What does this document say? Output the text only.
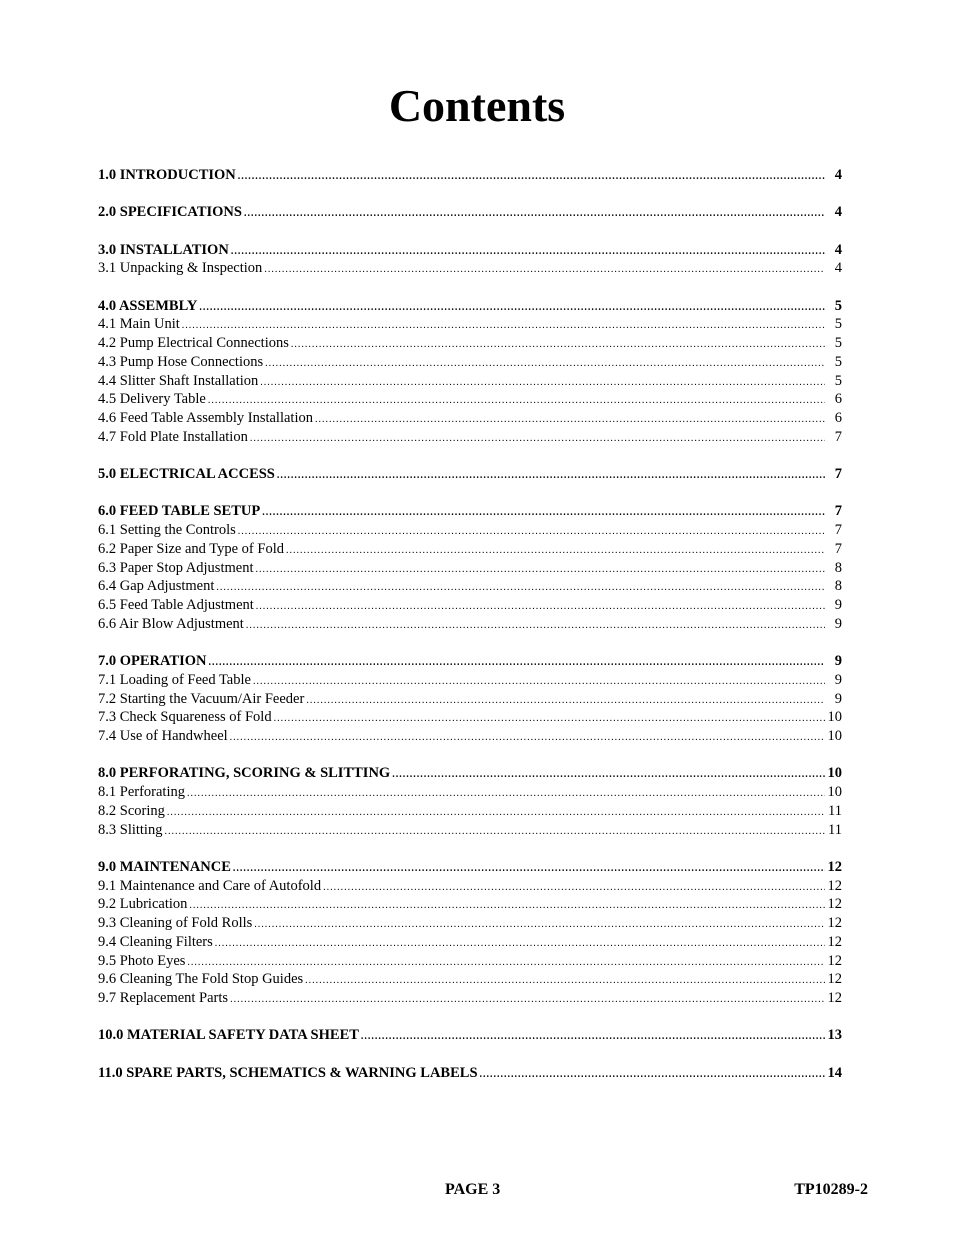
Contents
1.0 INTRODUCTION .....	4
2.0 SPECIFICATIONS .....	4
3.0 INSTALLATION .....	4
3.1 Unpacking & Inspection .....	4
4.0 ASSEMBLY .....	5
4.1 Main Unit .....	5
4.2 Pump Electrical Connections .....	5
4.3 Pump Hose Connections .....	5
4.4 Slitter Shaft Installation .....	5
4.5 Delivery Table .....	6
4.6 Feed Table Assembly Installation .....	6
4.7 Fold Plate Installation .....	7
5.0 ELECTRICAL ACCESS .....	7
6.0 FEED TABLE SETUP .....	7
6.1 Setting the Controls .....	7
6.2 Paper Size and Type of Fold .....	7
6.3 Paper Stop Adjustment .....	8
6.4 Gap Adjustment .....	8
6.5 Feed Table Adjustment .....	9
6.6 Air Blow Adjustment .....	9
7.0 OPERATION .....	9
7.1 Loading of Feed Table .....	9
7.2 Starting the Vacuum/Air Feeder .....	9
7.3 Check Squareness of Fold .....	10
7.4 Use of Handwheel .....	10
8.0 PERFORATING, SCORING & SLITTING .....	10
8.1 Perforating .....	10
8.2 Scoring .....	11
8.3 Slitting .....	11
9.0 MAINTENANCE .....	12
9.1 Maintenance and Care of Autofold .....	12
9.2 Lubrication .....	12
9.3 Cleaning of Fold Rolls .....	12
9.4 Cleaning Filters .....	12
9.5 Photo Eyes .....	12
9.6 Cleaning The Fold Stop Guides .....	12
9.7 Replacement Parts .....	12
10.0 MATERIAL SAFETY DATA SHEET .....	13
11.0 SPARE PARTS, SCHEMATICS & WARNING LABELS .....	14
PAGE 3	TP10289-2
